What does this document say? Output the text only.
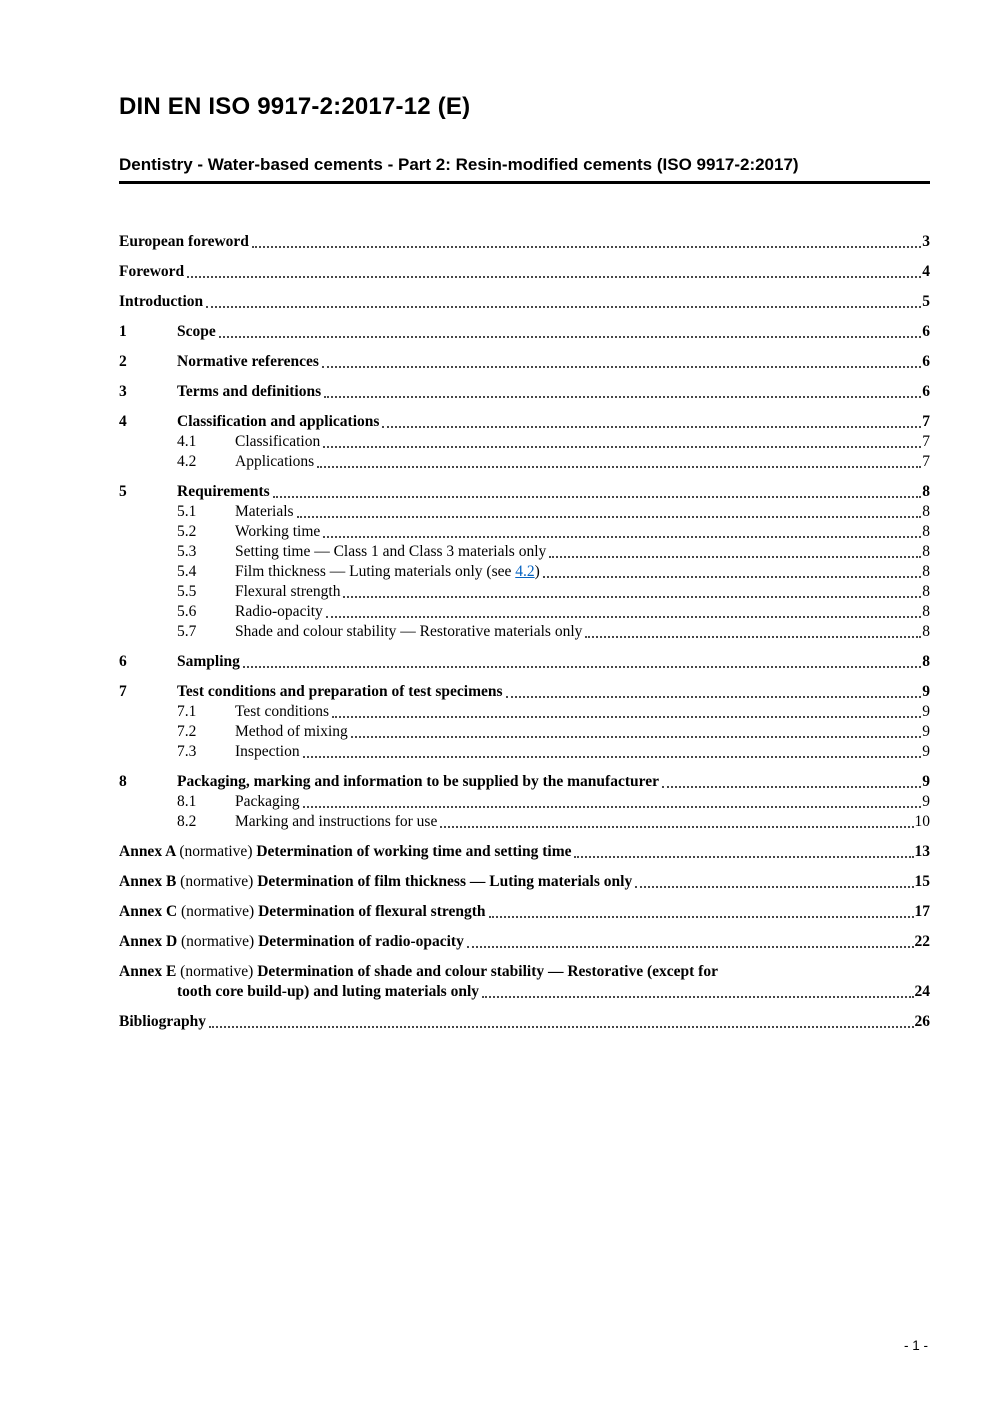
DIN EN ISO 9917-2:2017-12 (E)
Dentistry - Water-based cements - Part 2: Resin-modified cements (ISO 9917-2:2017)
European foreword	3
Foreword	4
Introduction	5
1	Scope	6
2	Normative references	6
3	Terms and definitions	6
4	Classification and applications	7
4.1	Classification	7
4.2	Applications	7
5	Requirements	8
5.1	Materials	8
5.2	Working time	8
5.3	Setting time — Class 1 and Class 3 materials only	8
5.4	Film thickness — Luting materials only (see 4.2)	8
5.5	Flexural strength	8
5.6	Radio-opacity	8
5.7	Shade and colour stability — Restorative materials only	8
6	Sampling	8
7	Test conditions and preparation of test specimens	9
7.1	Test conditions	9
7.2	Method of mixing	9
7.3	Inspection	9
8	Packaging, marking and information to be supplied by the manufacturer	9
8.1	Packaging	9
8.2	Marking and instructions for use	10
Annex A (normative) Determination of working time and setting time	13
Annex B (normative) Determination of film thickness — Luting materials only	15
Annex C (normative) Determination of flexural strength	17
Annex D (normative) Determination of radio-opacity	22
Annex E (normative) Determination of shade and colour stability — Restorative (except for
tooth core build-up) and luting materials only	24
Bibliography	26
- 1 -
